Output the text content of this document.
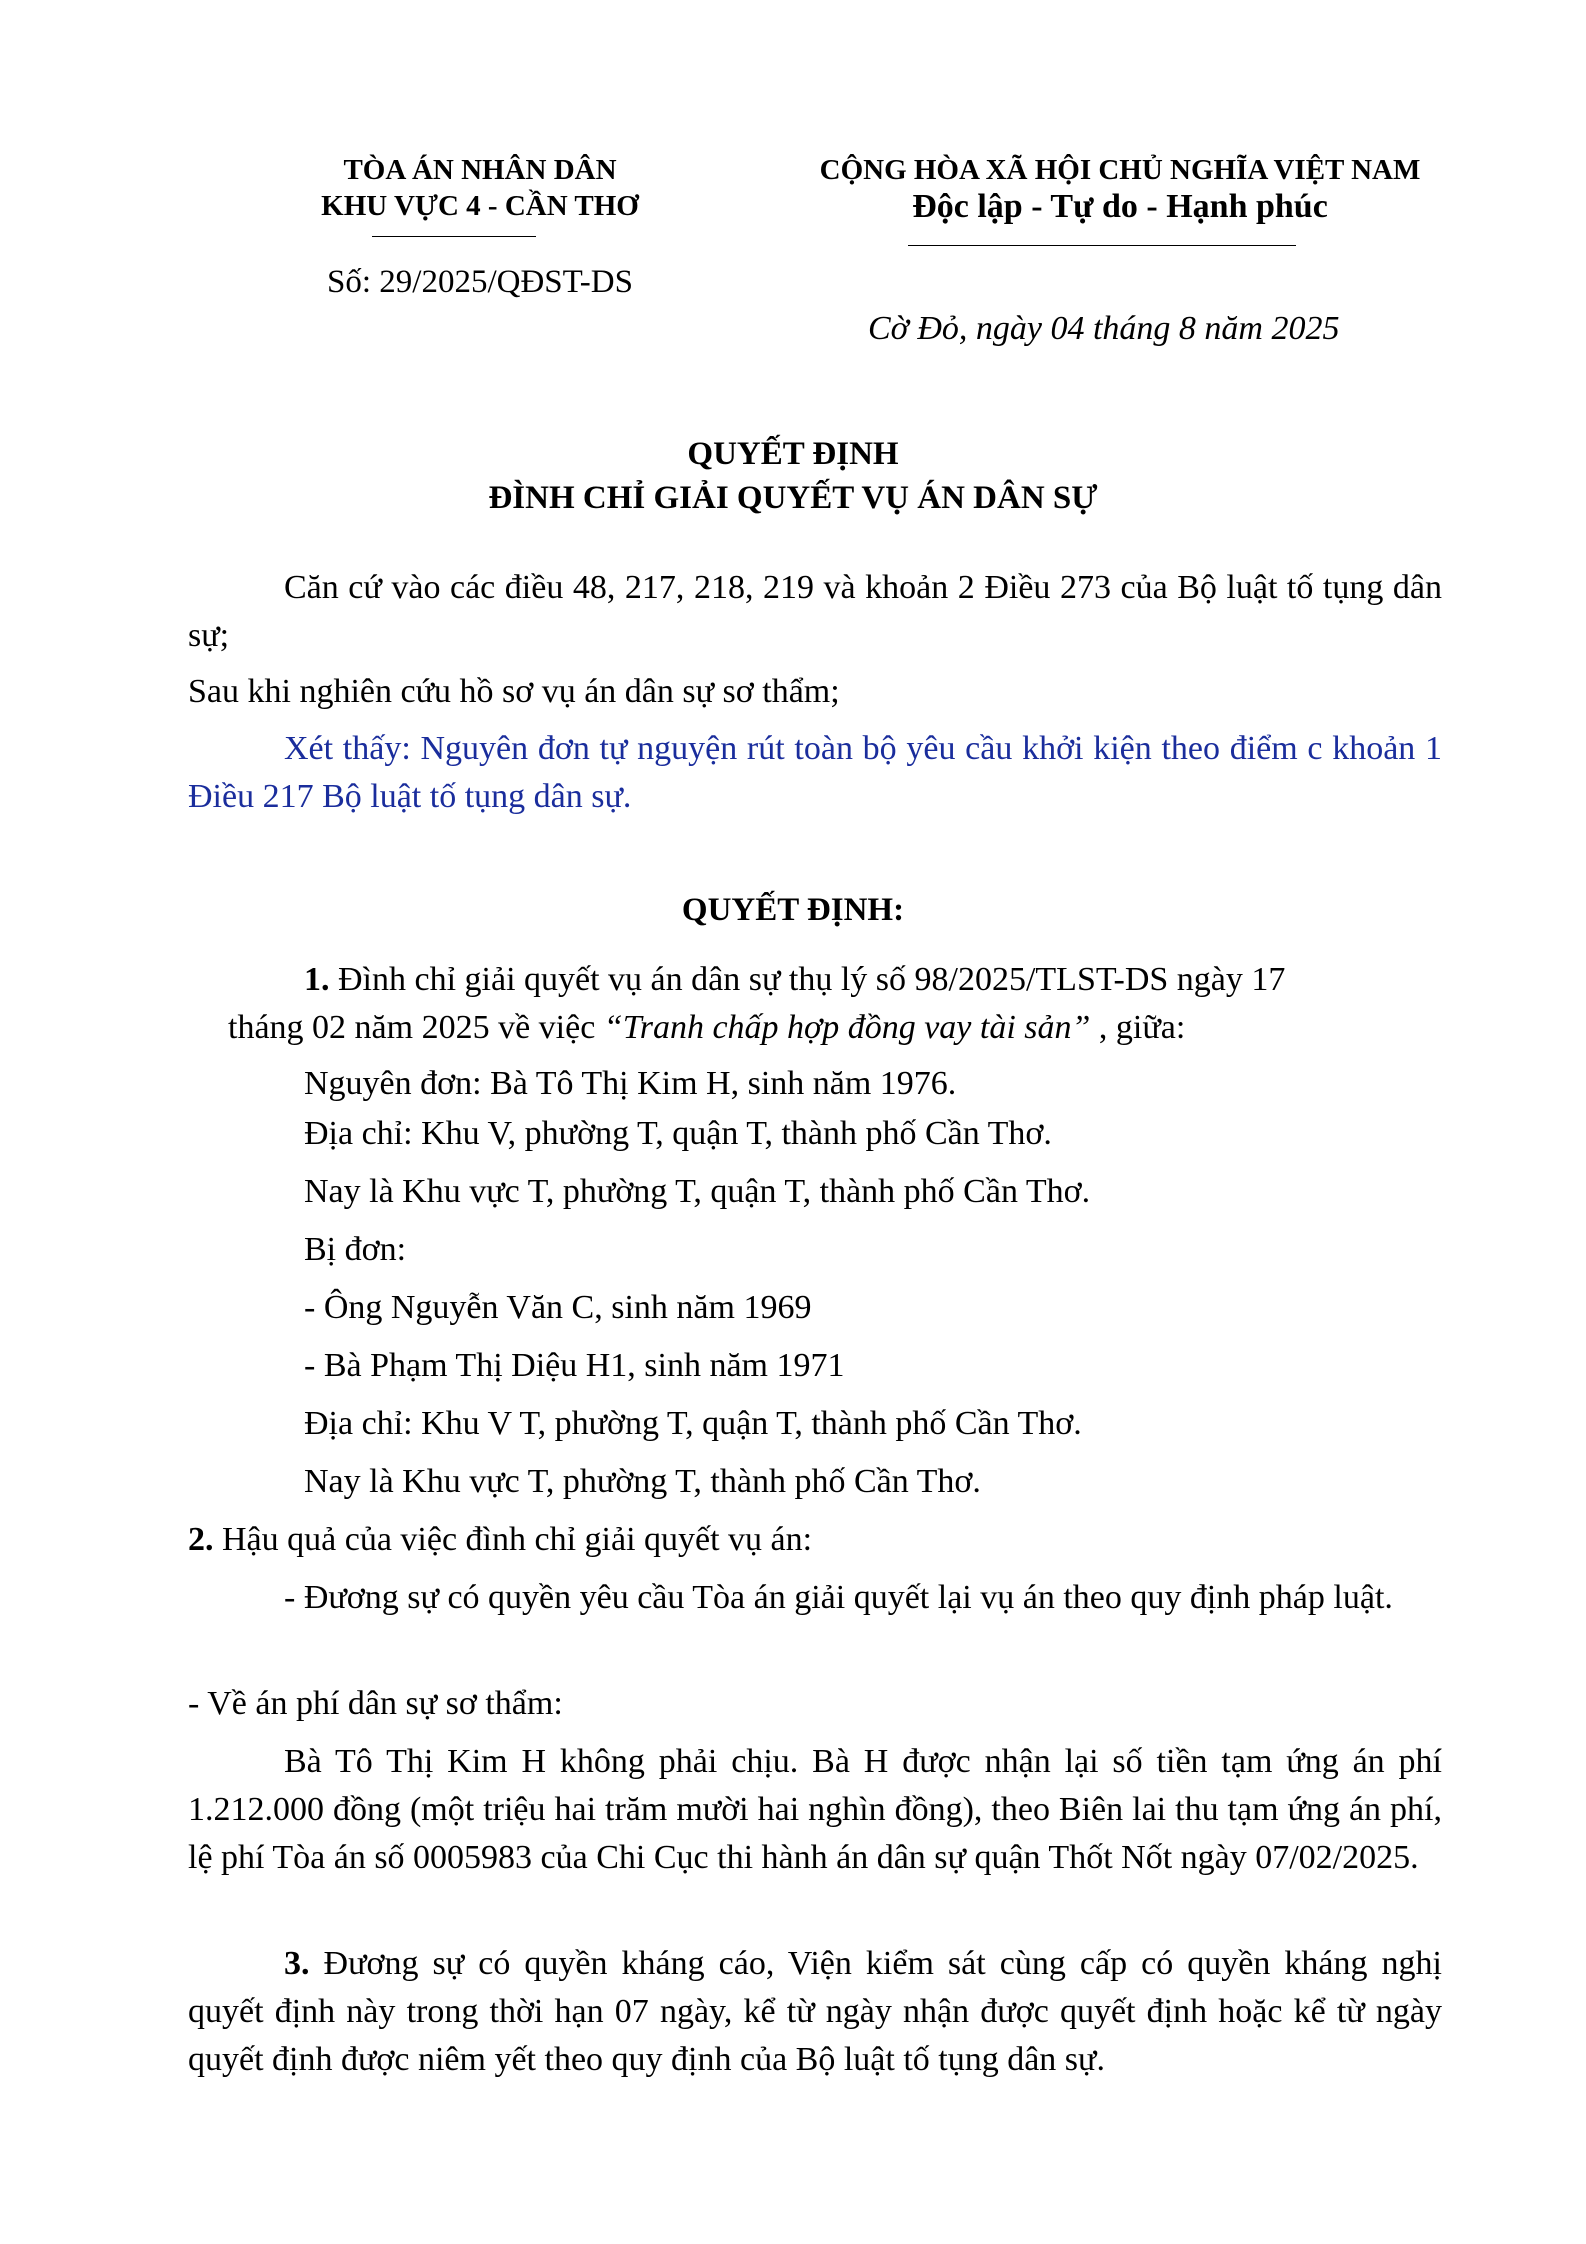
TÒA ÁN NHÂN DÂN
KHU VỰC 4 - CẦN THƠ
Số: 29/2025/QĐST-DS
CỘNG HÒA XÃ HỘI CHỦ NGHĨA VIỆT NAM
Độc lập - Tự do - Hạnh phúc
Cờ Đỏ, ngày 04 tháng 8 năm 2025
QUYẾT ĐỊNH
ĐÌNH CHỈ GIẢI QUYẾT VỤ ÁN DÂN SỰ
Căn cứ vào các điều 48, 217, 218, 219 và khoản 2 Điều 273 của Bộ luật tố tụng dân sự;
Sau khi nghiên cứu hồ sơ vụ án dân sự sơ thẩm;
Xét thấy: Nguyên đơn tự nguyện rút toàn bộ yêu cầu khởi kiện theo điểm c khoản 1 Điều 217 Bộ luật tố tụng dân sự.
QUYẾT ĐỊNH:
1. Đình chỉ giải quyết vụ án dân sự thụ lý số 98/2025/TLST-DS ngày 17
tháng 02 năm 2025 về việc “Tranh chấp hợp đồng vay tài sản” , giữa:
Nguyên đơn: Bà Tô Thị Kim H, sinh năm 1976.
Địa chỉ: Khu V, phường T, quận T, thành phố Cần Thơ.
Nay là Khu vực T, phường T, quận T, thành phố Cần Thơ.
Bị đơn:
- Ông Nguyễn Văn C, sinh năm 1969
- Bà Phạm Thị Diệu H1, sinh năm 1971
Địa chỉ: Khu V T, phường T, quận T, thành phố Cần Thơ.
Nay là Khu vực T, phường T, thành phố Cần Thơ.
2. Hậu quả của việc đình chỉ giải quyết vụ án:
- Đương sự có quyền yêu cầu Tòa án giải quyết lại vụ án theo quy định pháp luật.
- Về án phí dân sự sơ thẩm:
Bà Tô Thị Kim H không phải chịu. Bà H được nhận lại số tiền tạm ứng án phí 1.212.000 đồng (một triệu hai trăm mười hai nghìn đồng), theo Biên lai thu tạm ứng án phí, lệ phí Tòa án số 0005983 của Chi Cục thi hành án dân sự quận Thốt Nốt ngày 07/02/2025.
3. Đương sự có quyền kháng cáo, Viện kiểm sát cùng cấp có quyền kháng nghị quyết định này trong thời hạn 07 ngày, kể từ ngày nhận được quyết định hoặc kể từ ngày quyết định được niêm yết theo quy định của Bộ luật tố tụng dân sự.
